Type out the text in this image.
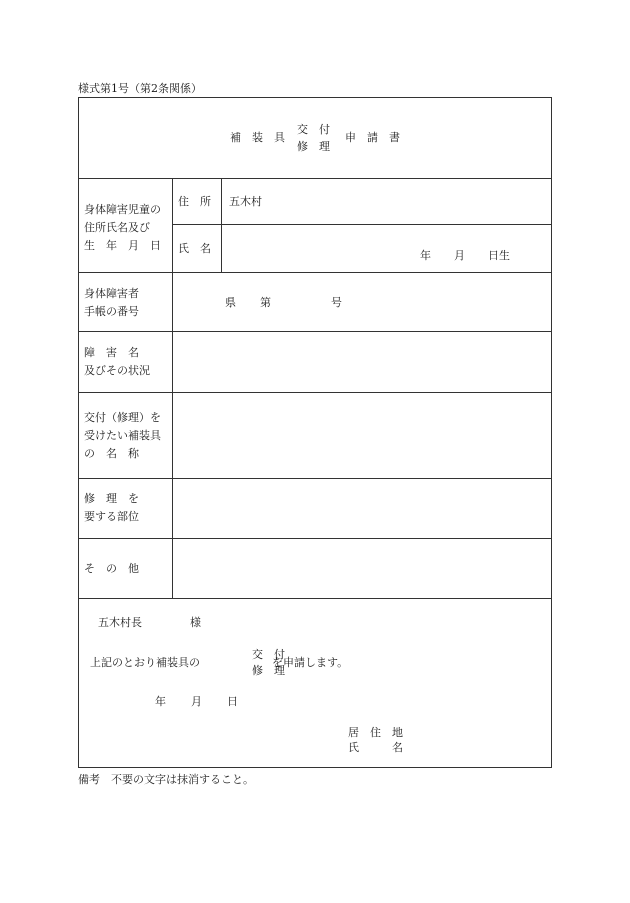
様式第1号（第2条関係）
補　装　具
交　付
修　理
申　請　書
身体障害児童の
住所氏名及び
生　年　月　日
住　所 五木村
氏　名
年 月 日生
身体障害者
手帳の番号
県 第	号
障　害　名
及びその状況
交付（修理）を
受けたい補装具
の　名　称
修　理　を
要する部位
そ　の　他
五木村長	様
上記のとおり補装具の
交　付
修　理
を申請します。
年 月 日
居　住　地
氏　　　名
備考　不要の文字は抹消すること。
